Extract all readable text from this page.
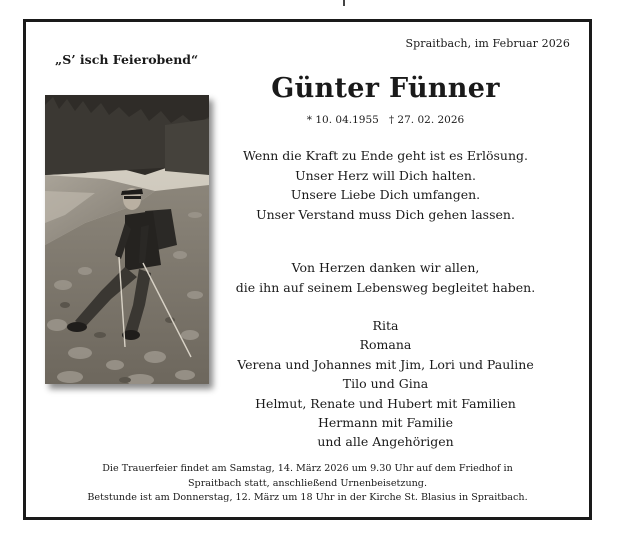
Spraitbach, im Februar 2026
„S’ isch Feierobend“
Günter Fünner
* 10. 04.1955 † 27. 02. 2026
Wenn die Kraft zu Ende geht ist es Erlösung.
Unser Herz will Dich halten.
Unsere Liebe Dich umfangen.
Unser Verstand muss Dich gehen lassen.
Von Herzen danken wir allen,
die ihn auf seinem Lebensweg begleitet haben.
Rita
Romana
Verena und Johannes mit Jim, Lori und Pauline
Tilo und Gina
Helmut, Renate und Hubert mit Familien
Hermann mit Familie
und alle Angehörigen
Die Trauerfeier findet am Samstag, 14. März 2026 um 9.30 Uhr auf dem Friedhof in
Spraitbach statt, anschließend Urnenbeisetzung.
Betstunde ist am Donnerstag, 12. März um 18 Uhr in der Kirche St. Blasius in Spraitbach.
